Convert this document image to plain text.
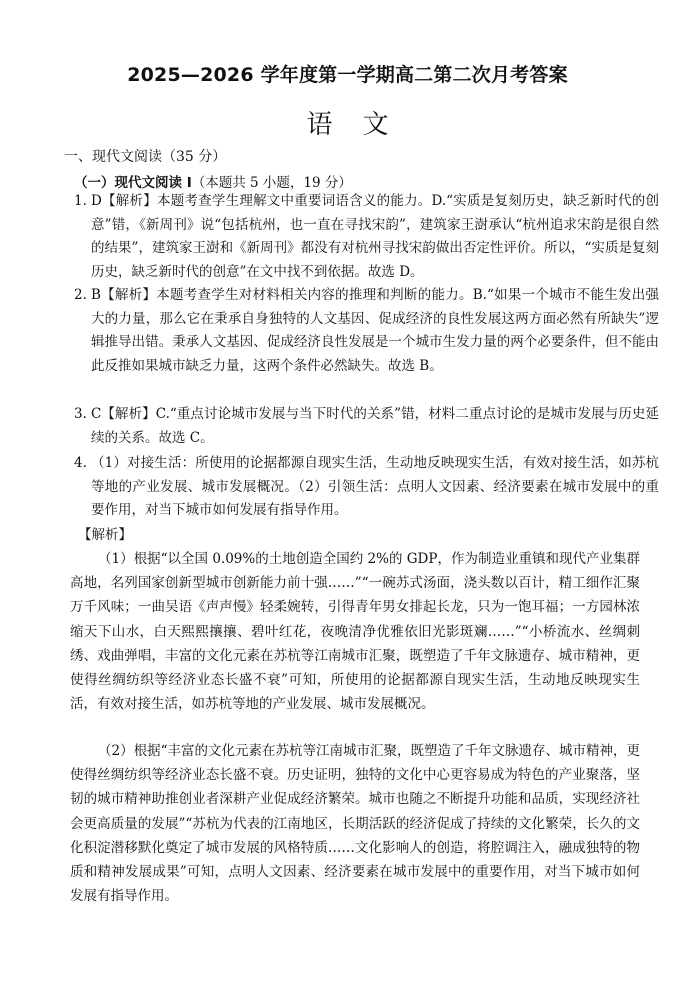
2025—2026 学年度第一学期高二第二次月考答案
语文
一、现代文阅读（35 分）
（一）现代文阅读 I（本题共 5 小题，19 分）
1. D【解析】本题考查学生理解文中重要词语含义的能力。D.“实质是复刻历史，缺乏新时代的创意”错，《新周刊》说“包括杭州，也一直在寻找宋韵”，建筑家王澍承认“杭州追求宋韵是很自然的结果”，建筑家王澍和《新周刊》都没有对杭州寻找宋韵做出否定性评价。所以，“实质是复刻历史，缺乏新时代的创意”在文中找不到依据。故选 D。
2. B【解析】本题考查学生对材料相关内容的推理和判断的能力。B.“如果一个城市不能生发出强大的力量，那么它在秉承自身独特的人文基因、促成经济的良性发展这两方面必然有所缺失”逻辑推导出错。秉承人文基因、促成经济良性发展是一个城市生发力量的两个必要条件，但不能由此反推如果城市缺乏力量，这两个条件必然缺失。故选 B。
3. C【解析】C.“重点讨论城市发展与当下时代的关系”错，材料二重点讨论的是城市发展与历史延续的关系。故选 C。
4. （1）对接生活：所使用的论据都源自现实生活，生动地反映现实生活，有效对接生活，如苏杭等地的产业发展、城市发展概况。（2）引领生活：点明人文因素、经济要素在城市发展中的重要作用，对当下城市如何发展有指导作用。
【解析】
（1）根据“以全国 0.09%的土地创造全国约 2%的 GDP，作为制造业重镇和现代产业集群高地，名列国家创新型城市创新能力前十强……”“一碗苏式汤面，浇头数以百计，精工细作汇聚万千风味；一曲吴语《声声慢》轻柔婉转，引得青年男女排起长龙，只为一饱耳福；一方园林浓缩天下山水，白天熙熙攘攘、碧叶红花，夜晚清净优雅依旧光影斑斓……”“小桥流水、丝绸刺绣、戏曲弹唱，丰富的文化元素在苏杭等江南城市汇聚，既塑造了千年文脉遗存、城市精神，更使得丝绸纺织等经济业态长盛不衰”可知，所使用的论据都源自现实生活，生动地反映现实生活，有效对接生活，如苏杭等地的产业发展、城市发展概况。
（2）根据“丰富的文化元素在苏杭等江南城市汇聚，既塑造了千年文脉遗存、城市精神，更使得丝绸纺织等经济业态长盛不衰。历史证明，独特的文化中心更容易成为特色的产业聚落，坚韧的城市精神助推创业者深耕产业促成经济繁荣。城市也随之不断提升功能和品质，实现经济社会更高质量的发展”“苏杭为代表的江南地区，长期活跃的经济促成了持续的文化繁荣，长久的文化积淀潜移默化奠定了城市发展的风格特质……文化影响人的创造，将腔调注入，融成独特的物质和精神发展成果”可知，点明人文因素、经济要素在城市发展中的重要作用，对当下城市如何发展有指导作用。
